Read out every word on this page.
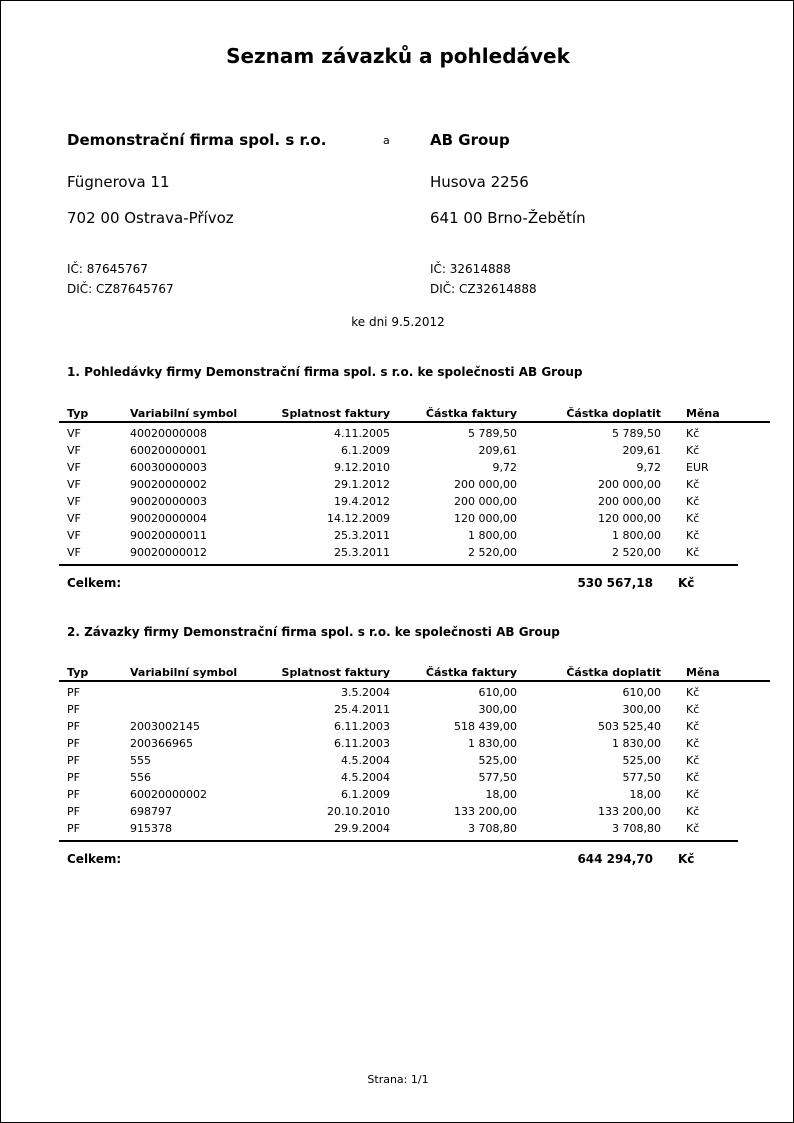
Seznam závazků a pohledávek
Demonstrační firma spol. s r.o.	a	AB Group
Fügnerova 11	Husova 2256
702 00 Ostrava-Přívoz	641 00 Brno-Žebětín
IČ: 87645767	IČ: 32614888
DIČ: CZ87645767	DIČ: CZ32614888
ke dni 9.5.2012
1. Pohledávky firmy Demonstrační firma spol. s r.o. ke společnosti AB Group
Typ	Variabilní symbol	Splatnost faktury	Částka faktury	Částka doplatit	Měna
VF	40020000008	4.11.2005	5 789,50	5 789,50	Kč
VF	60020000001	6.1.2009	209,61	209,61	Kč
VF	60030000003	9.12.2010	9,72	9,72	EUR
VF	90020000002	29.1.2012	200 000,00	200 000,00	Kč
VF	90020000003	19.4.2012	200 000,00	200 000,00	Kč
VF	90020000004	14.12.2009	120 000,00	120 000,00	Kč
VF	90020000011	25.3.2011	1 800,00	1 800,00	Kč
VF	90020000012	25.3.2011	2 520,00	2 520,00	Kč
Celkem:	530 567,18 Kč
2. Závazky firmy Demonstrační firma spol. s r.o. ke společnosti AB Group
Typ	Variabilní symbol	Splatnost faktury	Částka faktury	Částka doplatit	Měna
PF		3.5.2004	610,00	610,00	Kč
PF		25.4.2011	300,00	300,00	Kč
PF	2003002145	6.11.2003	518 439,00	503 525,40	Kč
PF	200366965	6.11.2003	1 830,00	1 830,00	Kč
PF	555	4.5.2004	525,00	525,00	Kč
PF	556	4.5.2004	577,50	577,50	Kč
PF	60020000002	6.1.2009	18,00	18,00	Kč
PF	698797	20.10.2010	133 200,00	133 200,00	Kč
PF	915378	29.9.2004	3 708,80	3 708,80	Kč
Celkem:	644 294,70 Kč
Strana: 1/1
